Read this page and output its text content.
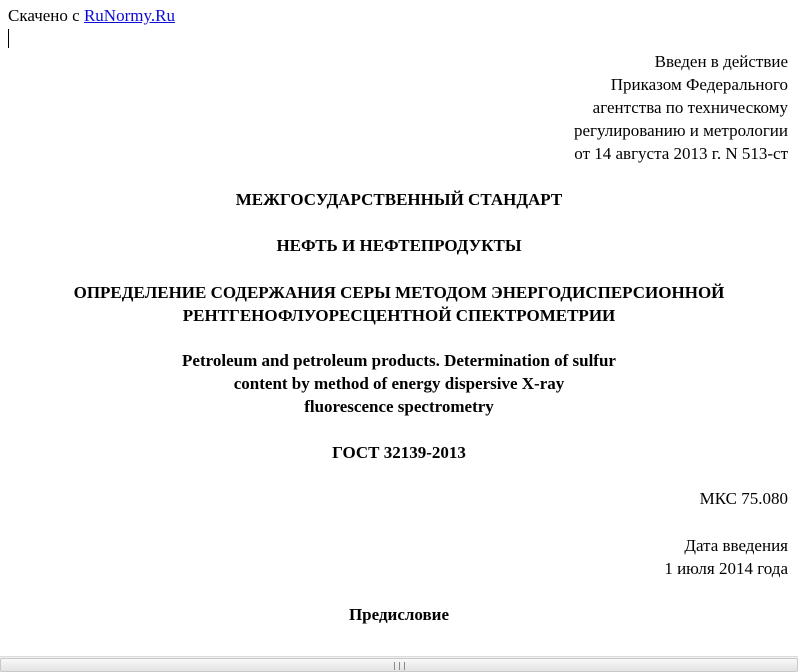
Скачено с RuNormy.Ru
Введен в действие
Приказом Федерального
агентства по техническому
регулированию и метрологии
от 14 августа 2013 г. N 513-ст
МЕЖГОСУДАРСТВЕННЫЙ СТАНДАРТ
НЕФТЬ И НЕФТЕПРОДУКТЫ
ОПРЕДЕЛЕНИЕ СОДЕРЖАНИЯ СЕРЫ МЕТОДОМ ЭНЕРГОДИСПЕРСИОННОЙ
РЕНТГЕНОФЛУОРЕСЦЕНТНОЙ СПЕКТРОМЕТРИИ
Petroleum and petroleum products. Determination of sulfur
content by method of energy dispersive X-ray
fluorescence spectrometry
ГОСТ 32139-2013
МКС 75.080
Дата введения
1 июля 2014 года
Предисловие
